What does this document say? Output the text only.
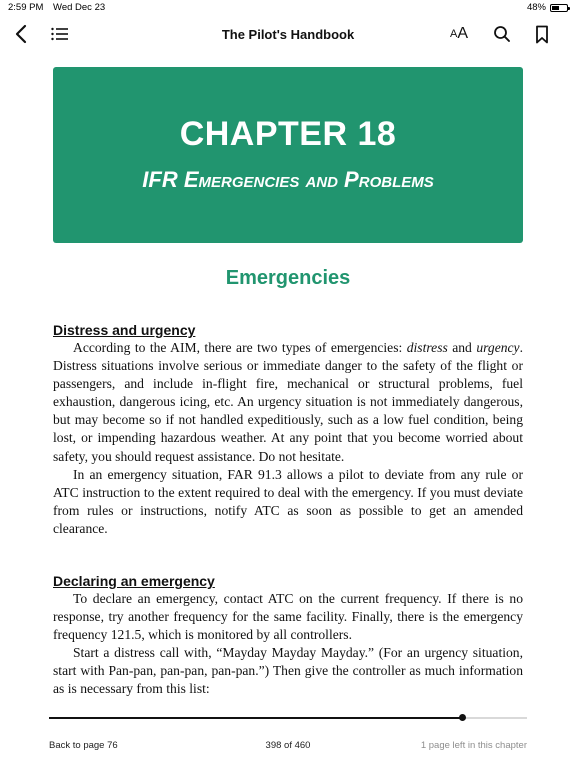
2:59 PM Wed Dec 23	48%
The Pilot's Handbook	A A
CHAPTER 18
IFR Emergencies and Problems
Emergencies

Distress and urgency

According to the AIM, there are two types of emergencies: distress and urgency. Distress situations involve serious or immediate danger to the safety of the flight or passengers, and include in-flight fire, mechanical or structural problems, fuel exhaustion, dangerous icing, etc. An urgency situation is not immediately dangerous, but may become so if not handled expeditiously, such as a low fuel condition, being lost, or impending hazardous weather. At any point that you become worried about safety, you should request assistance. Do not hesitate.

In an emergency situation, FAR 91.3 allows a pilot to deviate from any rule or ATC instruction to the extent required to deal with the emergency. If you must deviate from rules or instructions, notify ATC as soon as possible to get an amended clearance.

Declaring an emergency

To declare an emergency, contact ATC on the current frequency. If there is no response, try another frequency for the same facility. Finally, there is the emergency frequency 121.5, which is monitored by all controllers.

Start a distress call with, “Mayday Mayday Mayday.” (For an urgency situation, start with Pan-pan, pan-pan, pan-pan.”) Then give the controller as much information as is necessary from this list:

Back to page 76	398 of 460	1 page left in this chapter
